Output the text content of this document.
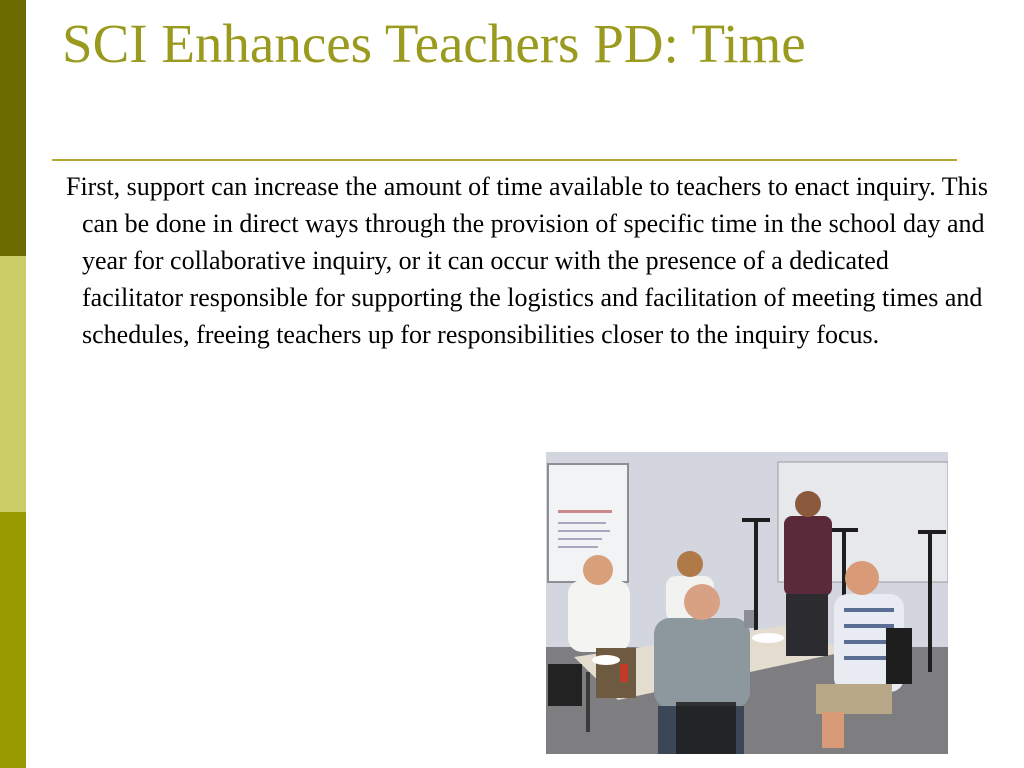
SCI Enhances Teachers PD: Time

First, support can increase the amount of time available to teachers to enact inquiry. This can be done in direct ways through the provision of specific time in the school day and year for collaborative inquiry, or it can occur with the presence of a dedicated facilitator responsible for supporting the logistics and facilitation of meeting times and schedules, freeing teachers up for responsibilities closer to the inquiry focus.
